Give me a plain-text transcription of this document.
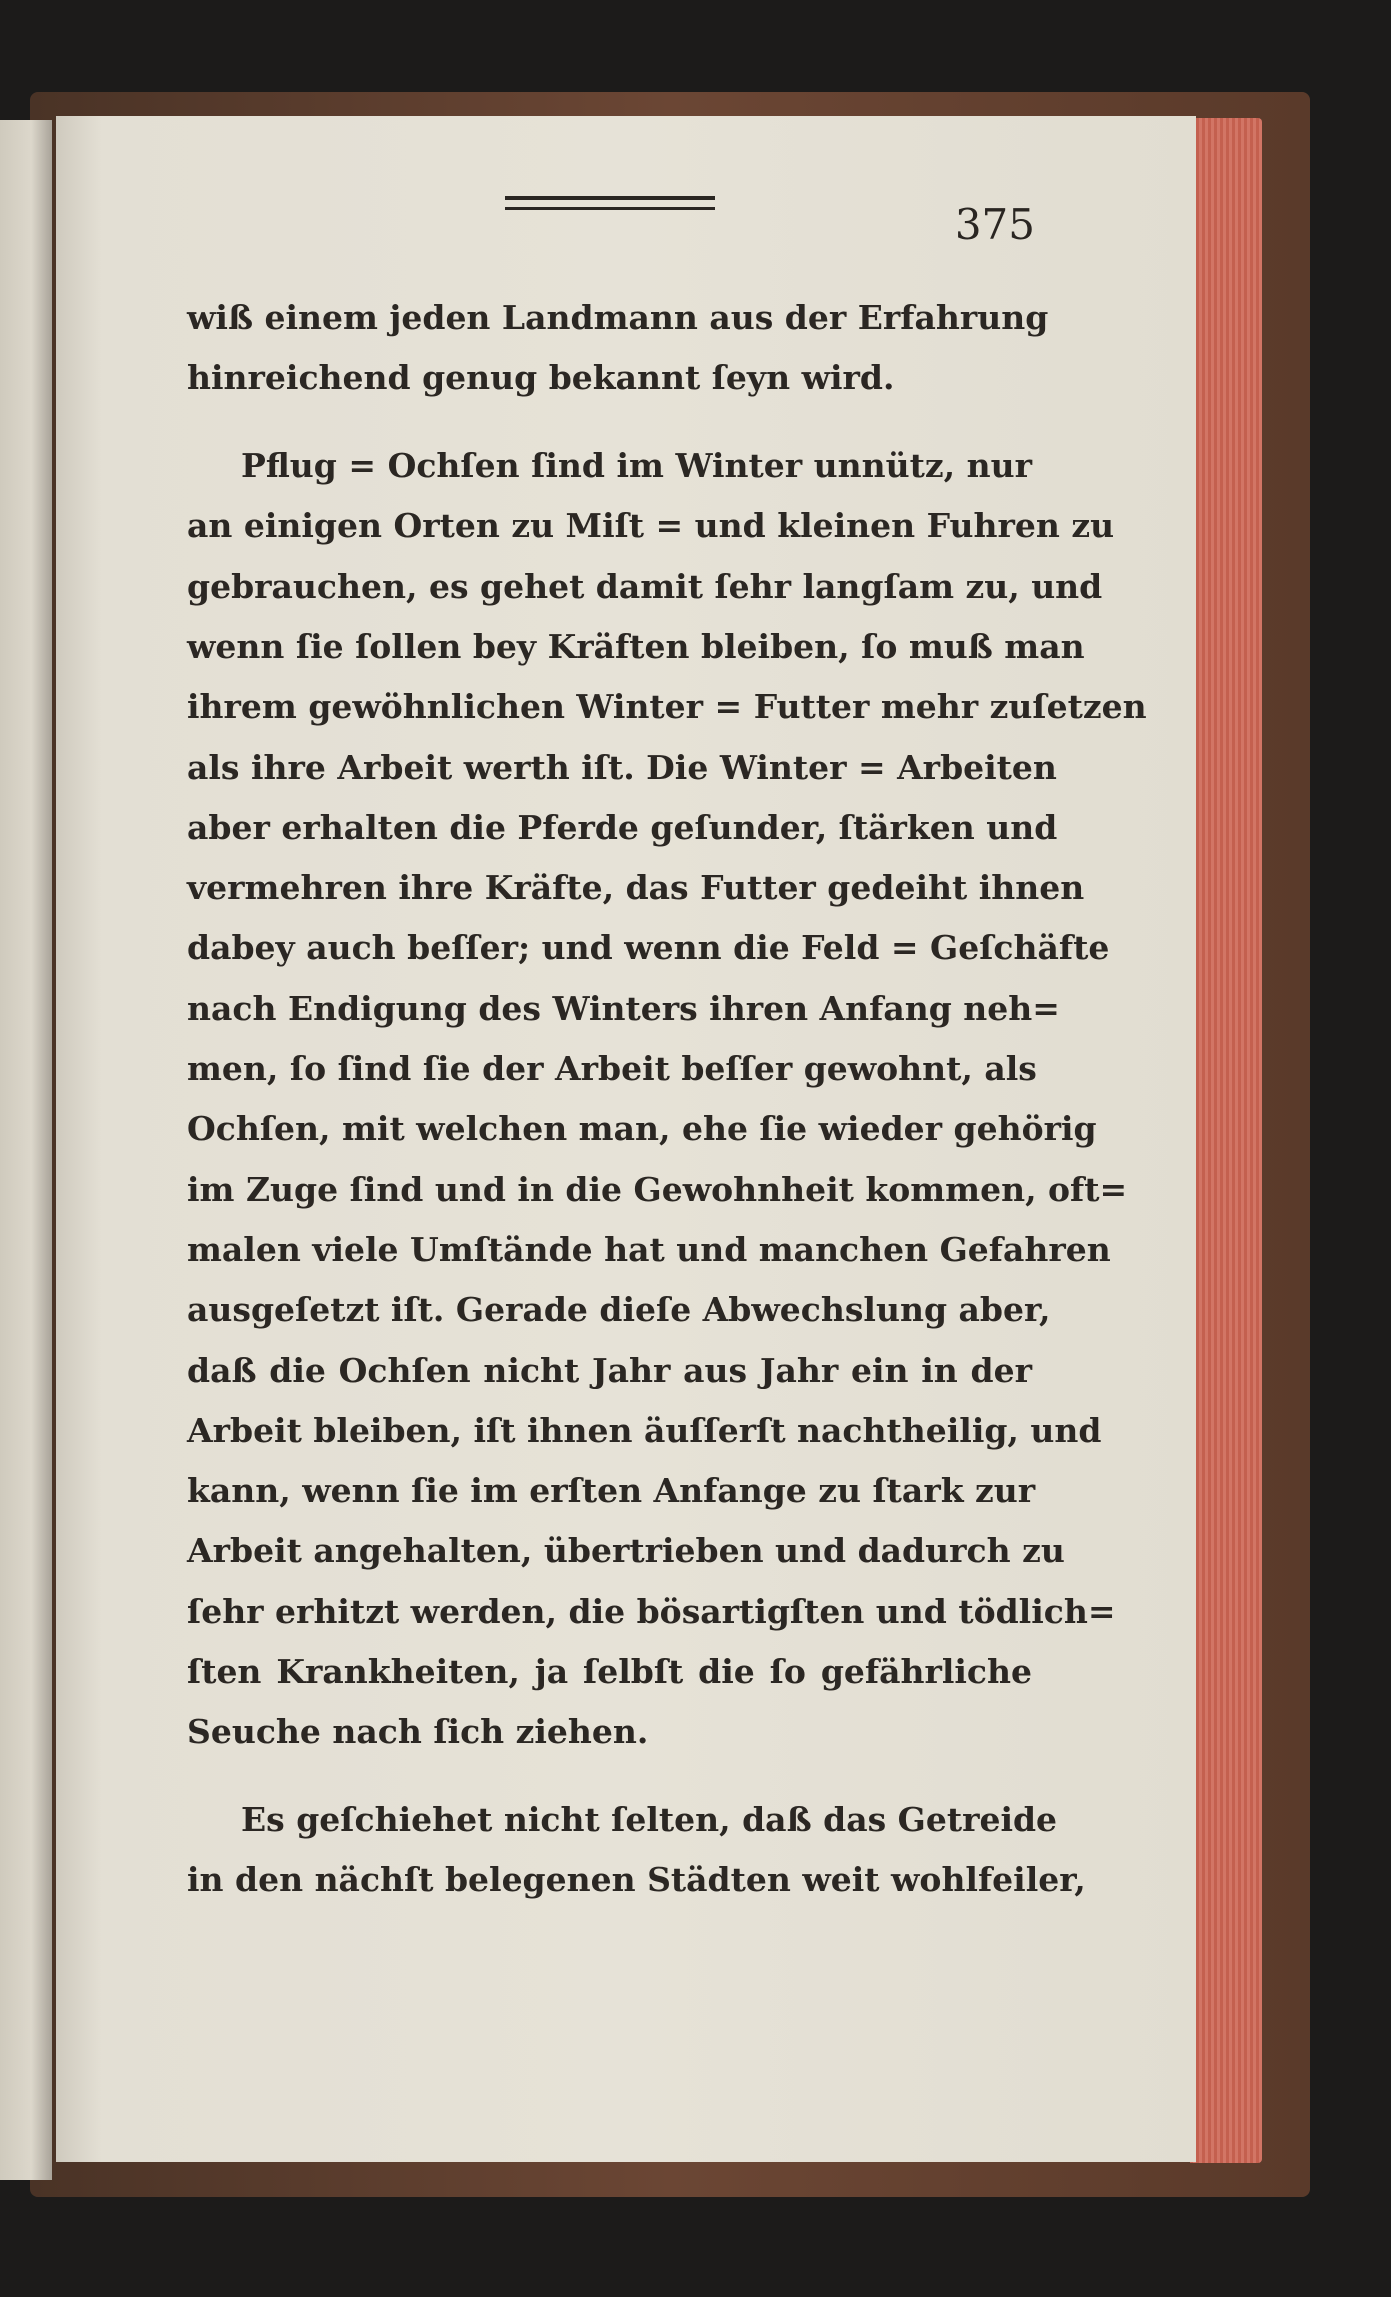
375
wiß einem jeden Landmann aus der Erfahrung
hinreichend genug bekannt ſeyn wird.
Pflug = Ochſen ſind im Winter unnütz, nur
an einigen Orten zu Miſt = und kleinen Fuhren zu
gebrauchen, es gehet damit ſehr langſam zu, und
wenn ſie ſollen bey Kräften bleiben, ſo muß man
ihrem gewöhnlichen Winter = Futter mehr zuſetzen
als ihre Arbeit werth iſt. Die Winter = Arbeiten
aber erhalten die Pferde geſunder, ſtärken und
vermehren ihre Kräfte, das Futter gedeiht ihnen
dabey auch beſſer; und wenn die Feld = Geſchäfte
nach Endigung des Winters ihren Anfang neh=
men, ſo ſind ſie der Arbeit beſſer gewohnt, als
Ochſen, mit welchen man, ehe ſie wieder gehörig
im Zuge ſind und in die Gewohnheit kommen, oft=
malen viele Umſtände hat und manchen Gefahren
ausgeſetzt iſt. Gerade dieſe Abwechslung aber,
daß die Ochſen nicht Jahr aus Jahr ein in der
Arbeit bleiben, iſt ihnen äuſſerſt nachtheilig, und
kann, wenn ſie im erſten Anfange zu ſtark zur
Arbeit angehalten, übertrieben und dadurch zu
ſehr erhitzt werden, die bösartigſten und tödlich=
ſten Krankheiten, ja ſelbſt die ſo gefährliche
Seuche nach ſich ziehen.
Es geſchiehet nicht ſelten, daß das Getreide
in den nächſt belegenen Städten weit wohlfeiler,
